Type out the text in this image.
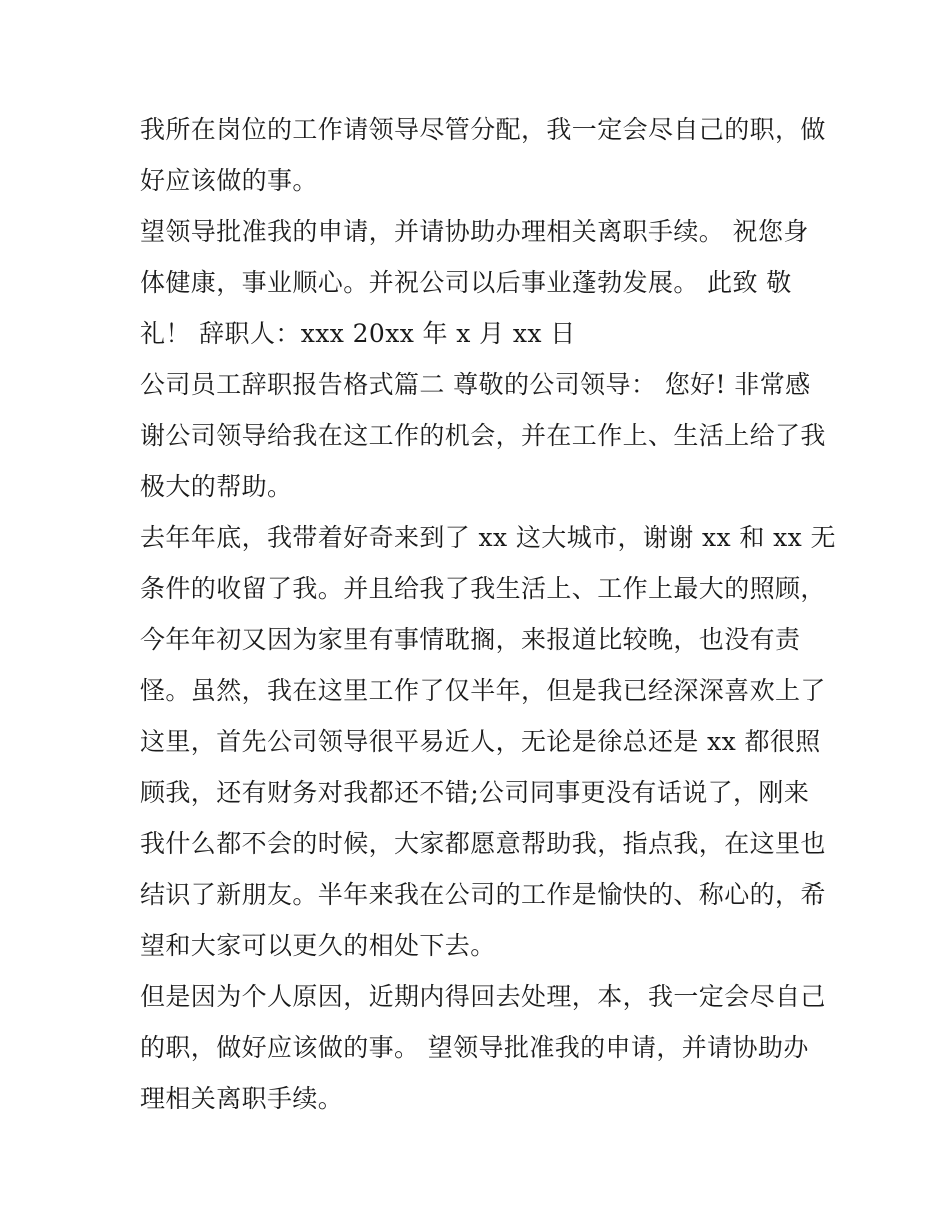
我所在岗位的工作请领导尽管分配，我一定会尽自己的职，做
好应该做的事。
望领导批准我的申请，并请协助办理相关离职手续。 祝您身
体健康，事业顺心。并祝公司以后事业蓬勃发展。 此致 敬
礼！ 辞职人：xxx 20xx 年 x 月 xx 日
公司员工辞职报告格式篇二 尊敬的公司领导： 您好! 非常感
谢公司领导给我在这工作的机会，并在工作上、生活上给了我
极大的帮助。
去年年底，我带着好奇来到了 xx 这大城市，谢谢 xx 和 xx 无
条件的收留了我。并且给我了我生活上、工作上最大的照顾，
今年年初又因为家里有事情耽搁，来报道比较晚，也没有责
怪。虽然，我在这里工作了仅半年，但是我已经深深喜欢上了
这里，首先公司领导很平易近人，无论是徐总还是 xx 都很照
顾我，还有财务对我都还不错;公司同事更没有话说了，刚来
我什么都不会的时候，大家都愿意帮助我，指点我，在这里也
结识了新朋友。半年来我在公司的工作是愉快的、称心的，希
望和大家可以更久的相处下去。
但是因为个人原因，近期内得回去处理，本，我一定会尽自己
的职，做好应该做的事。 望领导批准我的申请，并请协助办
理相关离职手续。
